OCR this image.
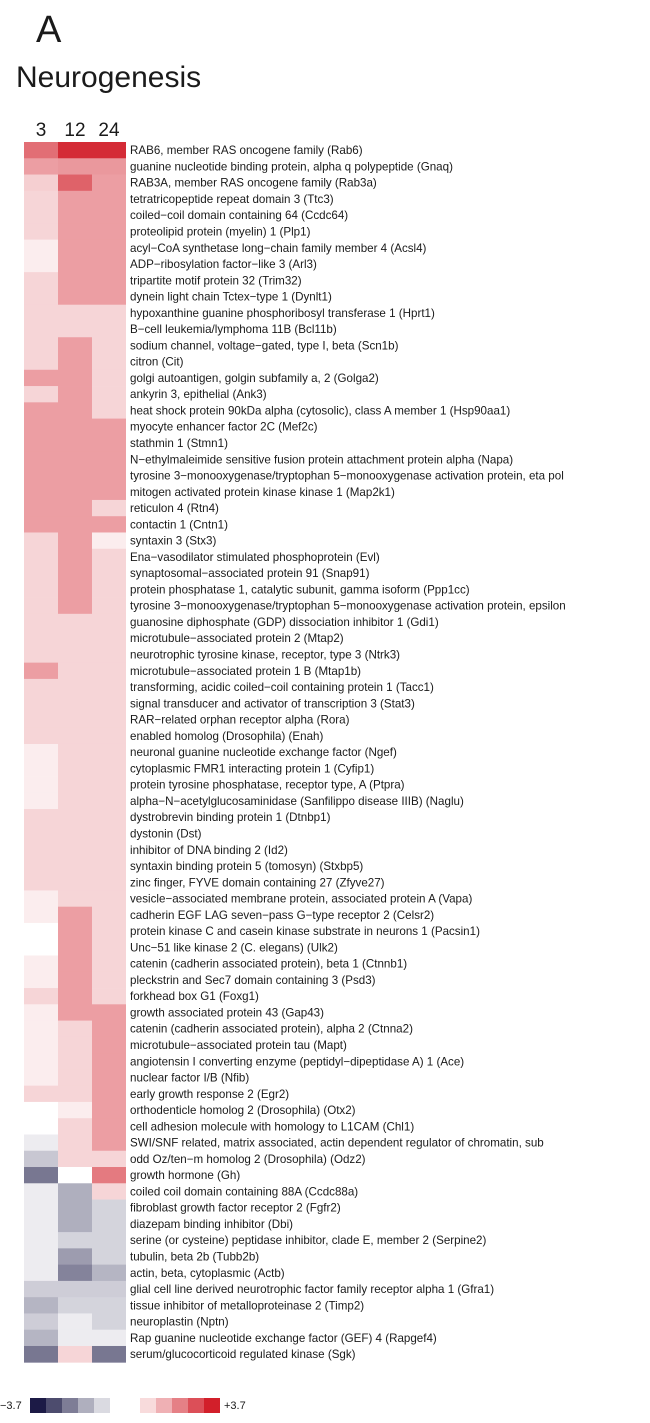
A
Neurogenesis
3 12 24
RAB6, member RAS oncogene family (Rab6)
guanine nucleotide binding protein, alpha q polypeptide (Gnaq)
RAB3A, member RAS oncogene family (Rab3a)
tetratricopeptide repeat domain 3 (Ttc3)
coiled−coil domain containing 64 (Ccdc64)
proteolipid protein (myelin) 1 (Plp1)
acyl−CoA synthetase long−chain family member 4 (Acsl4)
ADP−ribosylation factor−like 3 (Arl3)
tripartite motif protein 32 (Trim32)
dynein light chain Tctex−type 1 (Dynlt1)
hypoxanthine guanine phosphoribosyl transferase 1 (Hprt1)
B−cell leukemia/lymphoma 11B (Bcl11b)
sodium channel, voltage−gated, type I, beta (Scn1b)
citron (Cit)
golgi autoantigen, golgin subfamily a, 2 (Golga2)
ankyrin 3, epithelial (Ank3)
heat shock protein 90kDa alpha (cytosolic), class A member 1 (Hsp90aa1)
myocyte enhancer factor 2C (Mef2c)
stathmin 1 (Stmn1)
N−ethylmaleimide sensitive fusion protein attachment protein alpha (Napa)
tyrosine 3−monooxygenase/tryptophan 5−monooxygenase activation protein, eta pol
mitogen activated protein kinase kinase 1 (Map2k1)
reticulon 4 (Rtn4)
contactin 1 (Cntn1)
syntaxin 3 (Stx3)
Ena−vasodilator stimulated phosphoprotein (Evl)
synaptosomal−associated protein 91 (Snap91)
protein phosphatase 1, catalytic subunit, gamma isoform (Ppp1cc)
tyrosine 3−monooxygenase/tryptophan 5−monooxygenase activation protein, epsilon
guanosine diphosphate (GDP) dissociation inhibitor 1 (Gdi1)
microtubule−associated protein 2 (Mtap2)
neurotrophic tyrosine kinase, receptor, type 3 (Ntrk3)
microtubule−associated protein 1 B (Mtap1b)
transforming, acidic coiled−coil containing protein 1 (Tacc1)
signal transducer and activator of transcription 3 (Stat3)
RAR−related orphan receptor alpha (Rora)
enabled homolog (Drosophila) (Enah)
neuronal guanine nucleotide exchange factor (Ngef)
cytoplasmic FMR1 interacting protein 1 (Cyfip1)
protein tyrosine phosphatase, receptor type, A (Ptpra)
alpha−N−acetylglucosaminidase (Sanfilippo disease IIIB) (Naglu)
dystrobrevin binding protein 1 (Dtnbp1)
dystonin (Dst)
inhibitor of DNA binding 2 (Id2)
syntaxin binding protein 5 (tomosyn) (Stxbp5)
zinc finger, FYVE domain containing 27 (Zfyve27)
vesicle−associated membrane protein, associated protein A (Vapa)
cadherin EGF LAG seven−pass G−type receptor 2 (Celsr2)
protein kinase C and casein kinase substrate in neurons 1 (Pacsin1)
Unc−51 like kinase 2 (C. elegans) (Ulk2)
catenin (cadherin associated protein), beta 1 (Ctnnb1)
pleckstrin and Sec7 domain containing 3 (Psd3)
forkhead box G1 (Foxg1)
growth associated protein 43 (Gap43)
catenin (cadherin associated protein), alpha 2 (Ctnna2)
microtubule−associated protein tau (Mapt)
angiotensin I converting enzyme (peptidyl−dipeptidase A) 1 (Ace)
nuclear factor I/B (Nfib)
early growth response 2 (Egr2)
orthodenticle homolog 2 (Drosophila) (Otx2)
cell adhesion molecule with homology to L1CAM (Chl1)
SWI/SNF related, matrix associated, actin dependent regulator of chromatin, sub
odd Oz/ten−m homolog 2 (Drosophila) (Odz2)
growth hormone (Gh)
coiled coil domain containing 88A (Ccdc88a)
fibroblast growth factor receptor 2 (Fgfr2)
diazepam binding inhibitor (Dbi)
serine (or cysteine) peptidase inhibitor, clade E, member 2 (Serpine2)
tubulin, beta 2b (Tubb2b)
actin, beta, cytoplasmic (Actb)
glial cell line derived neurotrophic factor family receptor alpha 1 (Gfra1)
tissue inhibitor of metalloproteinase 2 (Timp2)
neuroplastin (Nptn)
Rap guanine nucleotide exchange factor (GEF) 4 (Rapgef4)
serum/glucocorticoid regulated kinase (Sgk)
−3.7	+3.7
